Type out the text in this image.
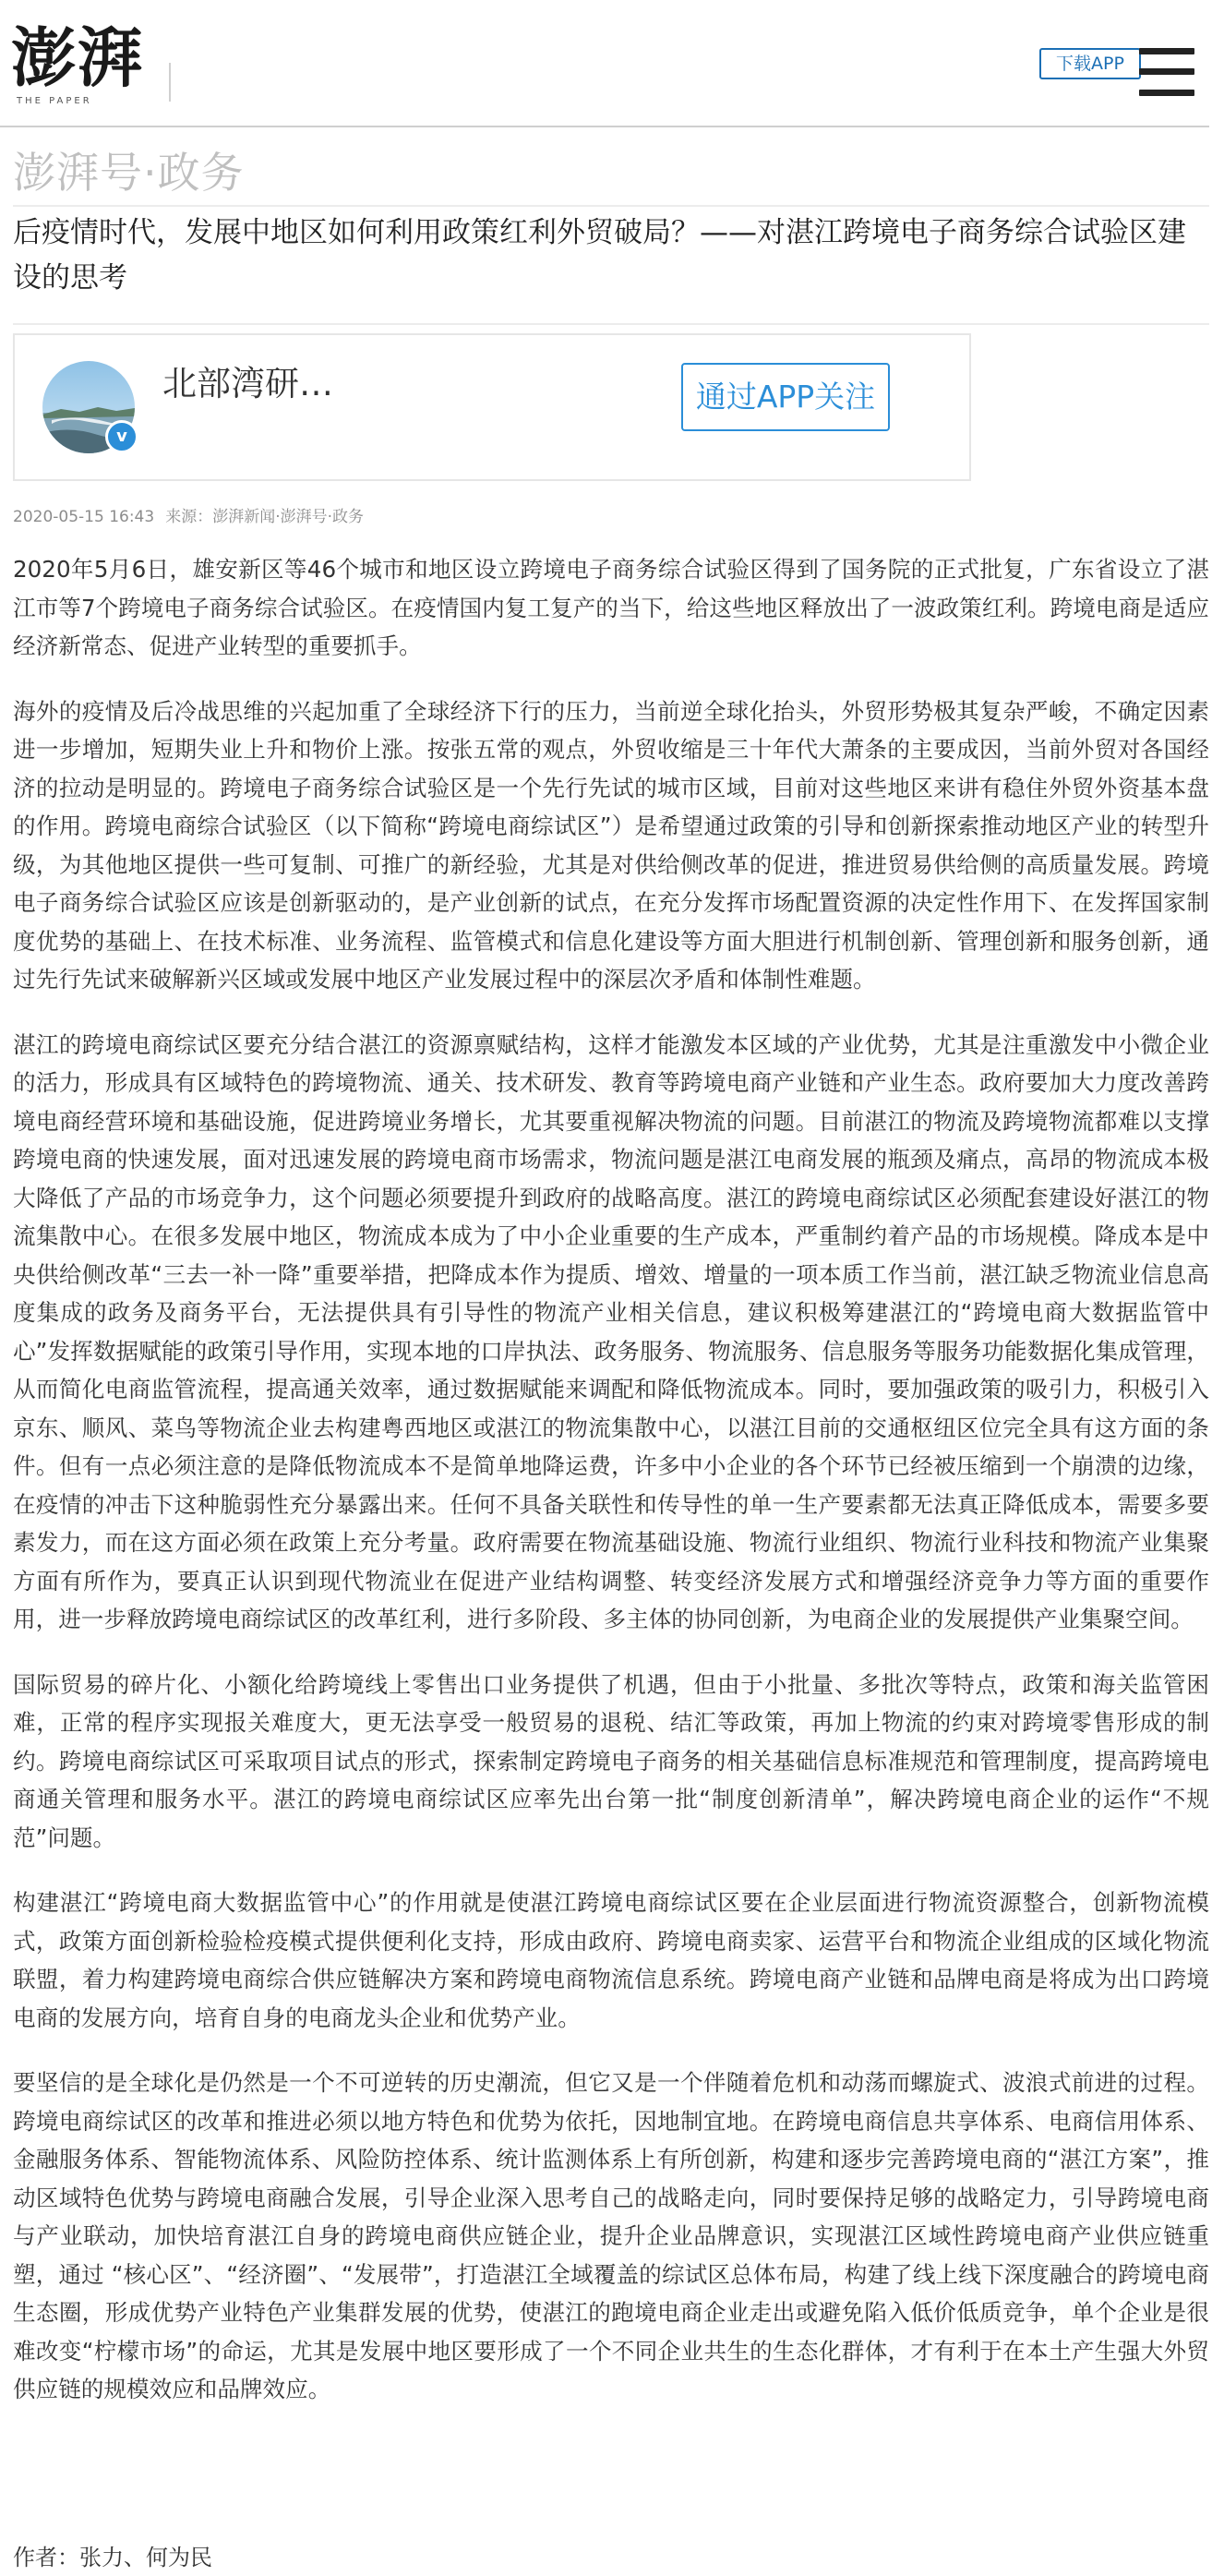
澎湃
THE PAPER
下载APP
澎湃号·政务
后疫情时代，发展中地区如何利用政策红利外贸破局？——对湛江跨境电子商务综合试验区建设的思考
v
北部湾研…	通过APP关注
2020-05-15 16:43 来源：澎湃新闻·澎湃号·政务

2020年5月6日，雄安新区等46个城市和地区设立跨境电子商务综合试验区得到了国务院的正式批复，广东省设立了湛江市等7个跨境电子商务综合试验区。在疫情国内复工复产的当下，给这些地区释放出了一波政策红利。跨境电商是适应经济新常态、促进产业转型的重要抓手。

海外的疫情及后冷战思维的兴起加重了全球经济下行的压力，当前逆全球化抬头，外贸形势极其复杂严峻，不确定因素进一步增加，短期失业上升和物价上涨。按张五常的观点，外贸收缩是三十年代大萧条的主要成因，当前外贸对各国经济的拉动是明显的。跨境电子商务综合试验区是一个先行先试的城市区域，目前对这些地区来讲有稳住外贸外资基本盘的作用。跨境电商综合试验区（以下简称“跨境电商综试区”）是希望通过政策的引导和创新探索推动地区产业的转型升级，为其他地区提供一些可复制、可推广的新经验，尤其是对供给侧改革的促进，推进贸易供给侧的高质量发展。跨境电子商务综合试验区应该是创新驱动的，是产业创新的试点，在充分发挥市场配置资源的决定性作用下、在发挥国家制度优势的基础上、在技术标准、业务流程、监管模式和信息化建设等方面大胆进行机制创新、管理创新和服务创新，通过先行先试来破解新兴区域或发展中地区产业发展过程中的深层次矛盾和体制性难题。

湛江的跨境电商综试区要充分结合湛江的资源禀赋结构，这样才能激发本区域的产业优势，尤其是注重激发中小微企业的活力，形成具有区域特色的跨境物流、通关、技术研发、教育等跨境电商产业链和产业生态。政府要加大力度改善跨境电商经营环境和基础设施，促进跨境业务增长，尤其要重视解决物流的问题。目前湛江的物流及跨境物流都难以支撑跨境电商的快速发展，面对迅速发展的跨境电商市场需求，物流问题是湛江电商发展的瓶颈及痛点，高昂的物流成本极大降低了产品的市场竞争力，这个问题必须要提升到政府的战略高度。湛江的跨境电商综试区必须配套建设好湛江的物流集散中心。在很多发展中地区，物流成本成为了中小企业重要的生产成本，严重制约着产品的市场规模。降成本是中央供给侧改革“三去一补一降”重要举措，把降成本作为提质、增效、增量的一项本质工作当前，湛江缺乏物流业信息高度集成的政务及商务平台，无法提供具有引导性的物流产业相关信息，建议积极筹建湛江的“跨境电商大数据监管中心”发挥数据赋能的政策引导作用，实现本地的口岸执法、政务服务、物流服务、信息服务等服务功能数据化集成管理，从而简化电商监管流程，提高通关效率，通过数据赋能来调配和降低物流成本。同时，要加强政策的吸引力，积极引入京东、顺风、菜鸟等物流企业去构建粤西地区或湛江的物流集散中心，以湛江目前的交通枢纽区位完全具有这方面的条件。但有一点必须注意的是降低物流成本不是简单地降运费，许多中小企业的各个环节已经被压缩到一个崩溃的边缘，在疫情的冲击下这种脆弱性充分暴露出来。任何不具备关联性和传导性的单一生产要素都无法真正降低成本，需要多要素发力，而在这方面必须在政策上充分考量。政府需要在物流基础设施、物流行业组织、物流行业科技和物流产业集聚方面有所作为，要真正认识到现代物流业在促进产业结构调整、转变经济发展方式和增强经济竞争力等方面的重要作用，进一步释放跨境电商综试区的改革红利，进行多阶段、多主体的协同创新，为电商企业的发展提供产业集聚空间。

国际贸易的碎片化、小额化给跨境线上零售出口业务提供了机遇，但由于小批量、多批次等特点，政策和海关监管困难，正常的程序实现报关难度大，更无法享受一般贸易的退税、结汇等政策，再加上物流的约束对跨境零售形成的制约。跨境电商综试区可采取项目试点的形式，探索制定跨境电子商务的相关基础信息标准规范和管理制度，提高跨境电商通关管理和服务水平。湛江的跨境电商综试区应率先出台第一批“制度创新清单”，解决跨境电商企业的运作“不规范”问题。

构建湛江“跨境电商大数据监管中心”的作用就是使湛江跨境电商综试区要在企业层面进行物流资源整合，创新物流模式，政策方面创新检验检疫模式提供便利化支持，形成由政府、跨境电商卖家、运营平台和物流企业组成的区域化物流联盟，着力构建跨境电商综合供应链解决方案和跨境电商物流信息系统。跨境电商产业链和品牌电商是将成为出口跨境电商的发展方向，培育自身的电商龙头企业和优势产业。

要坚信的是全球化是仍然是一个不可逆转的历史潮流，但它又是一个伴随着危机和动荡而螺旋式、波浪式前进的过程。跨境电商综试区的改革和推进必须以地方特色和优势为依托，因地制宜地。在跨境电商信息共享体系、电商信用体系、金融服务体系、智能物流体系、风险防控体系、统计监测体系上有所创新，构建和逐步完善跨境电商的“湛江方案”，推动区域特色优势与跨境电商融合发展，引导企业深入思考自己的战略走向，同时要保持足够的战略定力，引导跨境电商与产业联动，加快培育湛江自身的跨境电商供应链企业，提升企业品牌意识，实现湛江区域性跨境电商产业供应链重塑，通过 “核心区”、“经济圈”、“发展带”，打造湛江全域覆盖的综试区总体布局，构建了线上线下深度融合的跨境电商生态圈，形成优势产业特色产业集群发展的优势，使湛江的跑境电商企业走出或避免陷入低价低质竞争，单个企业是很难改变“柠檬市场”的命运，尤其是发展中地区要形成了一个不同企业共生的生态化群体，才有利于在本土产生强大外贸供应链的规模效应和品牌效应。

作者：张力、何为民
